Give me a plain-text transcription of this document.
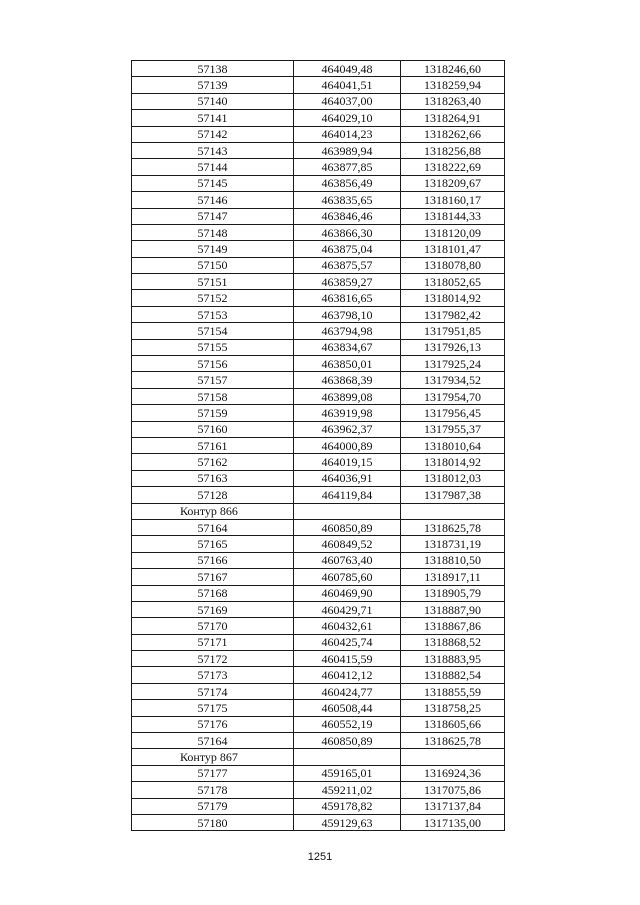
57138	464049,48	1318246,60
57139	464041,51	1318259,94
57140	464037,00	1318263,40
57141	464029,10	1318264,91
57142	464014,23	1318262,66
57143	463989,94	1318256,88
57144	463877,85	1318222,69
57145	463856,49	1318209,67
57146	463835,65	1318160,17
57147	463846,46	1318144,33
57148	463866,30	1318120,09
57149	463875,04	1318101,47
57150	463875,57	1318078,80
57151	463859,27	1318052,65
57152	463816,65	1318014,92
57153	463798,10	1317982,42
57154	463794,98	1317951,85
57155	463834,67	1317926,13
57156	463850,01	1317925,24
57157	463868,39	1317934,52
57158	463899,08	1317954,70
57159	463919,98	1317956,45
57160	463962,37	1317955,37
57161	464000,89	1318010,64
57162	464019,15	1318014,92
57163	464036,91	1318012,03
57128	464119,84	1317987,38
Контур 866		
57164	460850,89	1318625,78
57165	460849,52	1318731,19
57166	460763,40	1318810,50
57167	460785,60	1318917,11
57168	460469,90	1318905,79
57169	460429,71	1318887,90
57170	460432,61	1318867,86
57171	460425,74	1318868,52
57172	460415,59	1318883,95
57173	460412,12	1318882,54
57174	460424,77	1318855,59
57175	460508,44	1318758,25
57176	460552,19	1318605,66
57164	460850,89	1318625,78
Контур 867		
57177	459165,01	1316924,36
57178	459211,02	1317075,86
57179	459178,82	1317137,84
57180	459129,63	1317135,00
1251
